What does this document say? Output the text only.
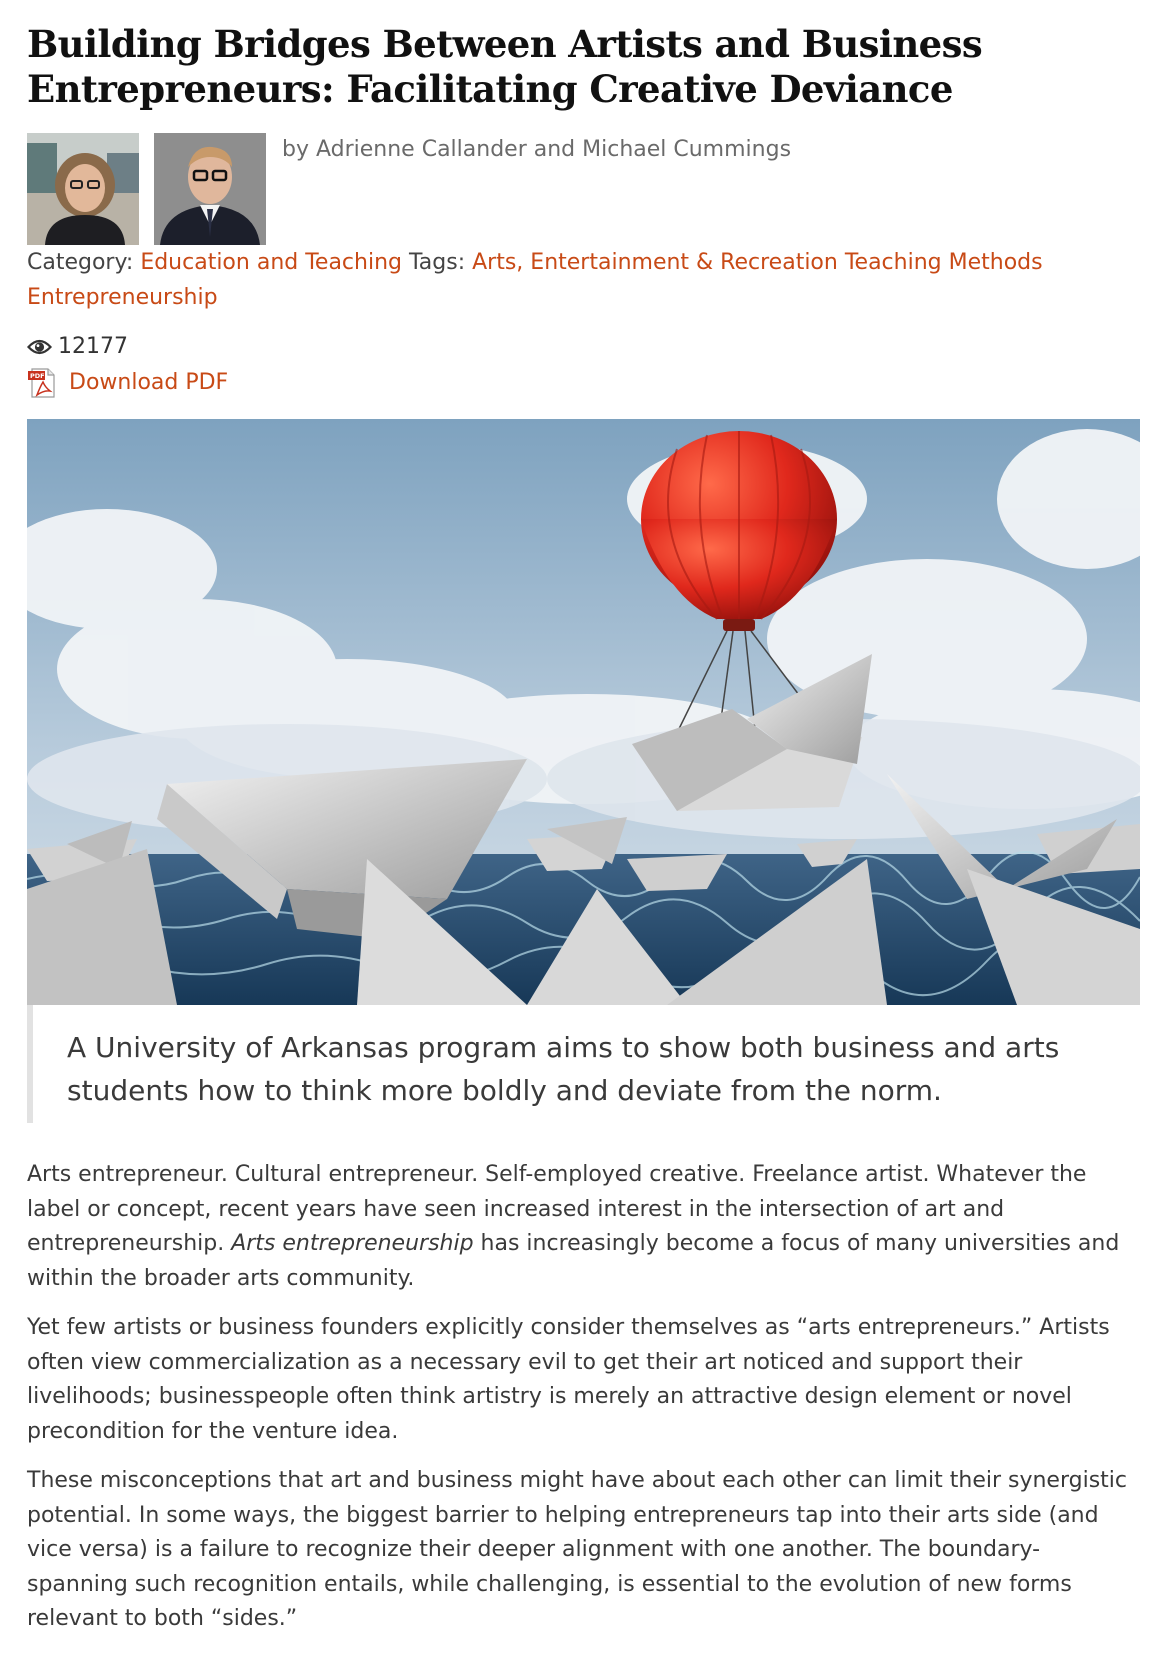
Building Bridges Between Artists and Business Entrepreneurs: Facilitating Creative Deviance
by Adrienne Callander and Michael Cummings
Category: Education and Teaching Tags: Arts, Entertainment & Recreation Teaching Methods Entrepreneurship
12177
PDF Download PDF
A University of Arkansas program aims to show both business and arts students how to think more boldly and deviate from the norm.

Arts entrepreneur. Cultural entrepreneur. Self-employed creative. Freelance artist. Whatever the label or concept, recent years have seen increased interest in the intersection of art and entrepreneurship. Arts entrepreneurship has increasingly become a focus of many universities and within the broader arts community.

Yet few artists or business founders explicitly consider themselves as “arts entrepreneurs.” Artists often view commercialization as a necessary evil to get their art noticed and support their livelihoods; businesspeople often think artistry is merely an attractive design element or novel precondition for the venture idea.

These misconceptions that art and business might have about each other can limit their synergistic potential. In some ways, the biggest barrier to helping entrepreneurs tap into their arts side (and vice versa) is a failure to recognize their deeper alignment with one another. The boundary-spanning such recognition entails, while challenging, is essential to the evolution of new forms relevant to both “sides.”
